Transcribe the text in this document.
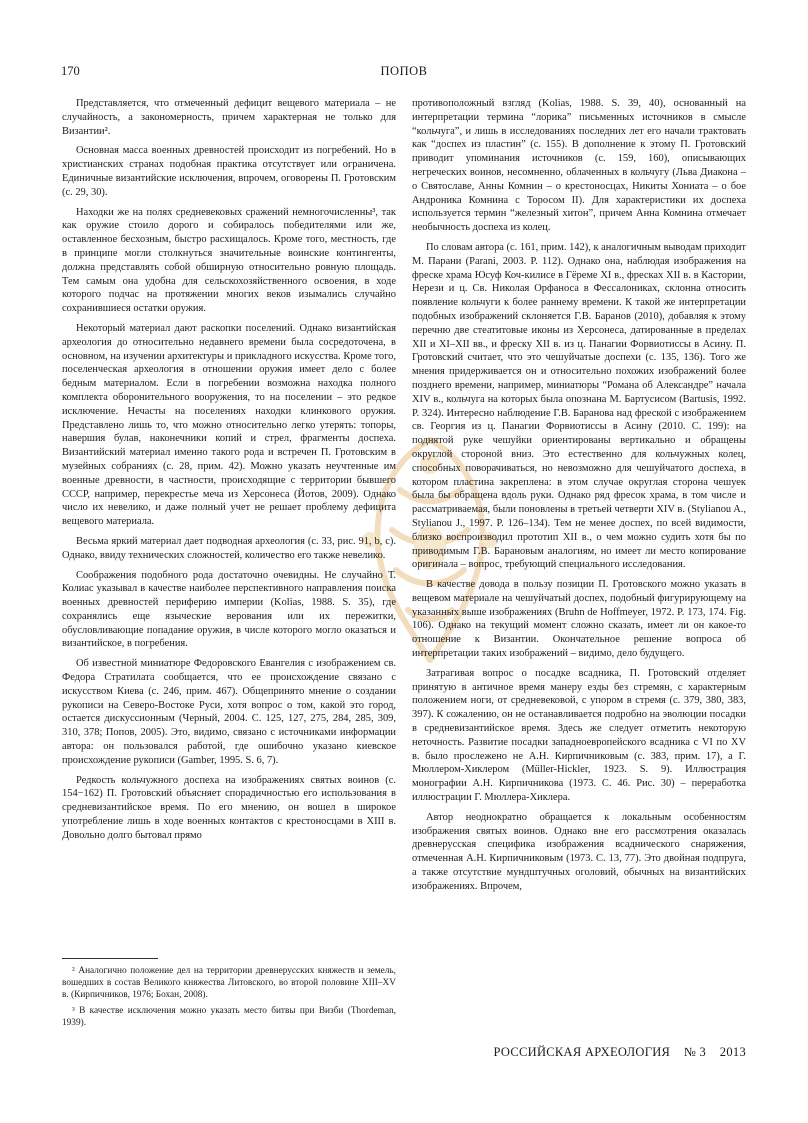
170	ПОПОВ

Представляется, что отмеченный дефицит вещевого материала – не случайность, а закономерность, причем характерная не только для Византии².

Основная масса военных древностей происходит из погребений. Но в христианских странах подобная практика отсутствует или ограничена. Единичные византийские исключения, впрочем, оговорены П. Гротовским (с. 29, 30).

Находки же на полях средневековых сражений немногочисленны³, так как оружие стоило дорого и собиралось победителями или же, оставленное бесхозным, быстро расхищалось. Кроме того, местность, где в принципе могли столкнуться значительные воинские контингенты, должна представлять собой обширную относительно ровную площадь. Тем самым она удобна для сельскохозяйственного освоения, в ходе которого подчас на протяжении многих веков изымались случайно сохранившиеся остатки оружия.

Некоторый материал дают раскопки поселений. Однако византийская археология до относительно недавнего времени была сосредоточена, в основном, на изучении архитектуры и прикладного искусства. Кроме того, поселенческая археология в отношении оружия имеет дело с более бедным материалом. Если в погребении возможна находка полного комплекта оборонительного вооружения, то на поселении – это редкое исключение. Нечасты на поселениях находки клинкового оружия. Представлено лишь то, что можно относительно легко утерять: топоры, навершия булав, наконечники копий и стрел, фрагменты доспеха. Византийский материал именно такого рода и встречен П. Гротовским в музейных собраниях (с. 28, прим. 42). Можно указать неучтенные им военные древности, в частности, происходящие с территории бывшего СССР, например, перекрестье меча из Херсонеса (Йотов, 2009). Однако число их невелико, и даже полный учет не решает проблему дефицита вещевого материала.

Весьма яркий материал дает подводная археология (с. 33, рис. 91, b, c). Однако, ввиду технических сложностей, количество его также невелико.

Соображения подобного рода достаточно очевидны. Не случайно Т. Колиас указывал в качестве наиболее перспективного направления поиска военных древностей периферию империи (Kolias, 1988. S. 35), где сохранялись еще языческие верования или их пережитки, обусловливающие попадание оружия, в числе которого могло оказаться и византийское, в погребения.

Об известной миниатюре Федоровского Евангелия с изображением св. Федора Стратилата сообщается, что ее происхождение связано с искусством Киева (с. 246, прим. 467). Общепринято мнение о создании рукописи на Северо-Востоке Руси, хотя вопрос о том, какой это город, остается дискуссионным (Черный, 2004. С. 125, 127, 275, 284, 285, 309, 310, 378; Попов, 2005). Это, видимо, связано с источниками информации автора: он пользовался работой, где ошибочно указано киевское происхождение рукописи (Gamber, 1995. S. 6, 7).

Редкость кольчужного доспеха на изображениях святых воинов (с. 154−162) П. Гротовский объясняет спорадичностью его использования в средневизантийское время. По его мнению, он вошел в широкое употребление лишь в ходе военных контактов с крестоносцами в XIII в. Довольно долго бытовал прямо

² Аналогично положение дел на территории древнерусских княжеств и земель, вошедших в состав Великого княжества Литовского, во второй половине XIII–XV в. (Кирпичников, 1976; Бохан, 2008).

³ В качестве исключения можно указать место битвы при Визби (Thordeman, 1939).

противоположный взгляд (Kolias, 1988. S. 39, 40), основанный на интерпретации термина “лорика” письменных источников в смысле “кольчуга”, и лишь в исследованиях последних лет его начали трактовать как “доспех из пластин” (с. 155). В дополнение к этому П. Гротовский приводит упоминания источников (с. 159, 160), описывающих негреческих воинов, несомненно, облаченных в кольчугу (Льва Диакона – о Святославе, Анны Комнин – о крестоносцах, Никиты Хониата – о бое Андроника Комнина с Торосом II). Для характеристики их доспеха используется термин “железный хитон”, причем Анна Комнина отмечает необычность доспеха из колец.

По словам автора (с. 161, прим. 142), к аналогичным выводам приходит М. Парани (Parani, 2003. P. 112). Однако она, наблюдая изображения на фреске храма Юсуф Коч-килисе в Гёреме XI в., фресках XII в. в Кастории, Нерези и ц. Св. Николая Орфаноса в Фессалониках, склонна относить появление кольчуги к более раннему времени. К такой же интерпретации подобных изображений склоняется Г.В. Баранов (2010), добавляя к этому перечню две стеатитовые иконы из Херсонеса, датированные в пределах XII и XI–XII вв., и фреску XII в. из ц. Панагии Форвиотиссы в Асину. П. Гротовский считает, что это чешуйчатые доспехи (с. 135, 136). Того же мнения придерживается он и относительно похожих изображений более позднего времени, например, миниатюры “Романа об Александре” начала XIV в., кольчуга на которых была опознана М. Бартусисом (Bartusis, 1992. P. 324). Интересно наблюдение Г.В. Баранова над фреской с изображением св. Георгия из ц. Панагии Форвиотиссы в Асину (2010. С. 199): на поднятой руке чешуйки ориентированы вертикально и обращены округлой стороной вниз. Это естественно для кольчужных колец, способных поворачиваться, но невозможно для чешуйчатого доспеха, в котором пластина закреплена: в этом случае округлая сторона чешуек была бы обращена вдоль руки. Однако ряд фресок храма, в том числе и рассматриваемая, были поновлены в третьей четверти XIV в. (Stylianou A., Stylianou J., 1997. P. 126–134). Тем не менее доспех, по всей видимости, близко воспроизводил прототип XII в., о чем можно судить хотя бы по приводимым Г.В. Барановым аналогиям, но имеет ли место копирование оригинала – вопрос, требующий специального исследования.

В качестве довода в пользу позиции П. Гротовского можно указать в вещевом материале на чешуйчатый доспех, подобный фигурирующему на указанных выше изображениях (Bruhn de Hoffmeyer, 1972. P. 173, 174. Fig. 106). Однако на текущий момент сложно сказать, имеет ли он какое-то отношение к Византии. Окончательное решение вопроса об интерпретации таких изображений – видимо, дело будущего.

Затрагивая вопрос о посадке всадника, П. Гротовский отделяет принятую в античное время манеру езды без стремян, с характерным положением ноги, от средневековой, с упором в стремя (с. 379, 380, 383, 397). К сожалению, он не останавливается подробно на эволюции посадки в средневизантийское время. Здесь же следует отметить некоторую неточность. Развитие посадки западноевропейского всадника с VI по XV в. было прослежено не А.Н. Кирпичниковым (с. 383, прим. 17), а Г. Мюллером-Хиклером (Müller-Hickler, 1923. S. 9). Иллюстрация монографии А.Н. Кирпичникова (1973. С. 46. Рис. 30) – переработка иллюстрации Г. Мюллера-Хиклера.

Автор неоднократно обращается к локальным особенностям изображения святых воинов. Однако вне его рассмотрения оказалась древнерусская специфика изображения всаднического снаряжения, отмеченная А.Н. Кирпичниковым (1973. С. 13, 77). Это двойная подпруга, а также отсутствие мундштучных оголовий, обычных на византийских изображениях. Впрочем,

РОССИЙСКАЯ АРХЕОЛОГИЯ № 3 2013
